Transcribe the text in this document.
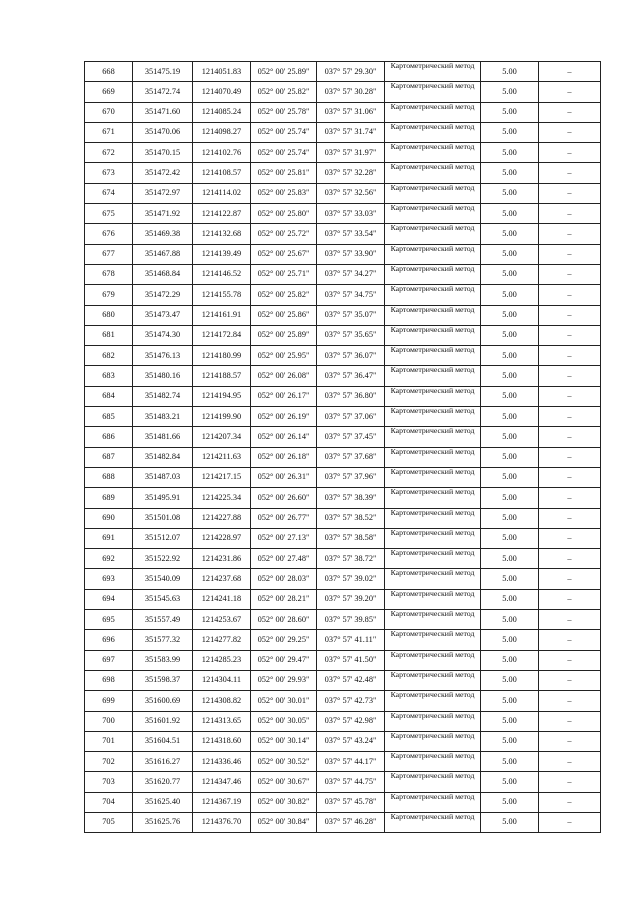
668	351475.19	1214051.83	052° 00' 25.89"	037° 57' 29.30"	Картометрический метод	5.00	–
669	351472.74	1214070.49	052° 00' 25.82"	037° 57' 30.28"	Картометрический метод	5.00	–
670	351471.60	1214085.24	052° 00' 25.78"	037° 57' 31.06"	Картометрический метод	5.00	–
671	351470.06	1214098.27	052° 00' 25.74"	037° 57' 31.74"	Картометрический метод	5.00	–
672	351470.15	1214102.76	052° 00' 25.74"	037° 57' 31.97"	Картометрический метод	5.00	–
673	351472.42	1214108.57	052° 00' 25.81"	037° 57' 32.28"	Картометрический метод	5.00	–
674	351472.97	1214114.02	052° 00' 25.83"	037° 57' 32.56"	Картометрический метод	5.00	–
675	351471.92	1214122.87	052° 00' 25.80"	037° 57' 33.03"	Картометрический метод	5.00	–
676	351469.38	1214132.68	052° 00' 25.72"	037° 57' 33.54"	Картометрический метод	5.00	–
677	351467.88	1214139.49	052° 00' 25.67"	037° 57' 33.90"	Картометрический метод	5.00	–
678	351468.84	1214146.52	052° 00' 25.71"	037° 57' 34.27"	Картометрический метод	5.00	–
679	351472.29	1214155.78	052° 00' 25.82"	037° 57' 34.75"	Картометрический метод	5.00	–
680	351473.47	1214161.91	052° 00' 25.86"	037° 57' 35.07"	Картометрический метод	5.00	–
681	351474.30	1214172.84	052° 00' 25.89"	037° 57' 35.65"	Картометрический метод	5.00	–
682	351476.13	1214180.99	052° 00' 25.95"	037° 57' 36.07"	Картометрический метод	5.00	–
683	351480.16	1214188.57	052° 00' 26.08"	037° 57' 36.47"	Картометрический метод	5.00	–
684	351482.74	1214194.95	052° 00' 26.17"	037° 57' 36.80"	Картометрический метод	5.00	–
685	351483.21	1214199.90	052° 00' 26.19"	037° 57' 37.06"	Картометрический метод	5.00	–
686	351481.66	1214207.34	052° 00' 26.14"	037° 57' 37.45"	Картометрический метод	5.00	–
687	351482.84	1214211.63	052° 00' 26.18"	037° 57' 37.68"	Картометрический метод	5.00	–
688	351487.03	1214217.15	052° 00' 26.31"	037° 57' 37.96"	Картометрический метод	5.00	–
689	351495.91	1214225.34	052° 00' 26.60"	037° 57' 38.39"	Картометрический метод	5.00	–
690	351501.08	1214227.88	052° 00' 26.77"	037° 57' 38.52"	Картометрический метод	5.00	–
691	351512.07	1214228.97	052° 00' 27.13"	037° 57' 38.58"	Картометрический метод	5.00	–
692	351522.92	1214231.86	052° 00' 27.48"	037° 57' 38.72"	Картометрический метод	5.00	–
693	351540.09	1214237.68	052° 00' 28.03"	037° 57' 39.02"	Картометрический метод	5.00	–
694	351545.63	1214241.18	052° 00' 28.21"	037° 57' 39.20"	Картометрический метод	5.00	–
695	351557.49	1214253.67	052° 00' 28.60"	037° 57' 39.85"	Картометрический метод	5.00	–
696	351577.32	1214277.82	052° 00' 29.25"	037° 57' 41.11"	Картометрический метод	5.00	–
697	351583.99	1214285.23	052° 00' 29.47"	037° 57' 41.50"	Картометрический метод	5.00	–
698	351598.37	1214304.11	052° 00' 29.93"	037° 57' 42.48"	Картометрический метод	5.00	–
699	351600.69	1214308.82	052° 00' 30.01"	037° 57' 42.73"	Картометрический метод	5.00	–
700	351601.92	1214313.65	052° 00' 30.05"	037° 57' 42.98"	Картометрический метод	5.00	–
701	351604.51	1214318.60	052° 00' 30.14"	037° 57' 43.24"	Картометрический метод	5.00	–
702	351616.27	1214336.46	052° 00' 30.52"	037° 57' 44.17"	Картометрический метод	5.00	–
703	351620.77	1214347.46	052° 00' 30.67"	037° 57' 44.75"	Картометрический метод	5.00	–
704	351625.40	1214367.19	052° 00' 30.82"	037° 57' 45.78"	Картометрический метод	5.00	–
705	351625.76	1214376.70	052° 00' 30.84"	037° 57' 46.28"	Картометрический метод	5.00	–
